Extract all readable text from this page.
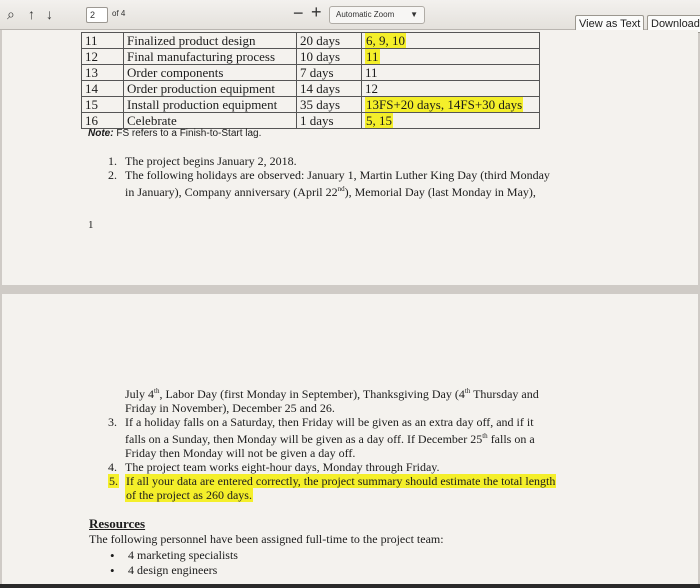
⌕ ↑ ↓	2	of 4	− +	Automatic Zoom ▼
View as Text Download
11	Finalized product design	20 days	6, 9, 10
12	Final manufacturing process	10 days	11
13	Order components	7 days	11
14	Order production equipment	14 days	12
15	Install production equipment	35 days	13FS+20 days, 14FS+30 days
16	Celebrate	1 days	5, 15
Note: FS refers to a Finish-to-Start lag.
1. The project begins January 2, 2018.
2. The following holidays are observed: January 1, Martin Luther King Day (third Monday
in January), Company anniversary (April 22nd), Memorial Day (last Monday in May),
1
July 4th, Labor Day (first Monday in September), Thanksgiving Day (4th Thursday and
Friday in November), December 25 and 26.
3. If a holiday falls on a Saturday, then Friday will be given as an extra day off, and if it
falls on a Sunday, then Monday will be given as a day off. If December 25th falls on a
Friday then Monday will not be given a day off.
4. The project team works eight-hour days, Monday through Friday.
5. If all your data are entered correctly, the project summary should estimate the total length
of the project as 260 days.
Resources
The following personnel have been assigned full-time to the project team:
• 4 marketing specialists
• 4 design engineers
